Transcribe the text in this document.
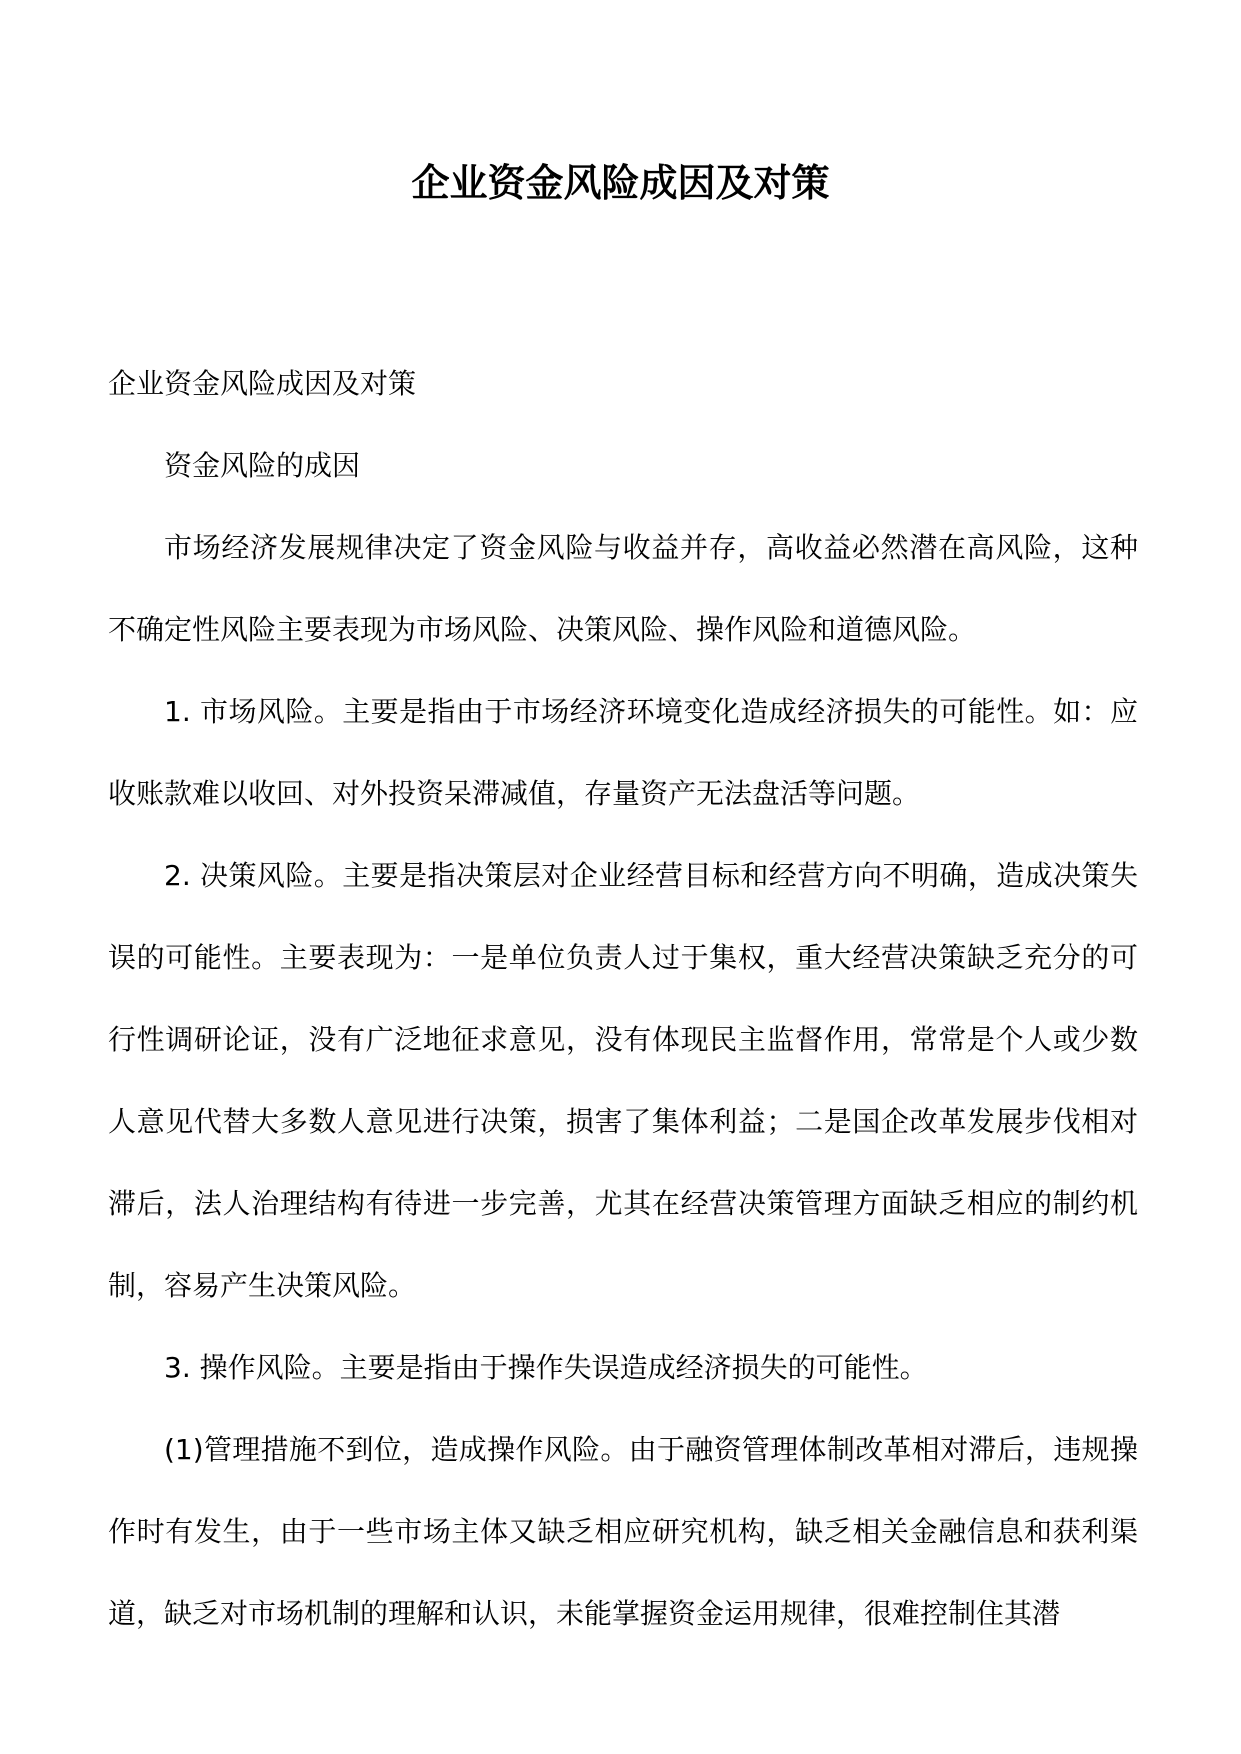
企业资金风险成因及对策

企业资金风险成因及对策

资金风险的成因

市场经济发展规律决定了资金风险与收益并存，高收益必然潜在高风险，这种不确定性风险主要表现为市场风险、决策风险、操作风险和道德风险。

1. 市场风险。主要是指由于市场经济环境变化造成经济损失的可能性。如：应收账款难以收回、对外投资呆滞减值，存量资产无法盘活等问题。

2. 决策风险。主要是指决策层对企业经营目标和经营方向不明确，造成决策失误的可能性。主要表现为：一是单位负责人过于集权，重大经营决策缺乏充分的可行性调研论证，没有广泛地征求意见，没有体现民主监督作用，常常是个人或少数人意见代替大多数人意见进行决策，损害了集体利益；二是国企改革发展步伐相对滞后，法人治理结构有待进一步完善，尤其在经营决策管理方面缺乏相应的制约机制，容易产生决策风险。

3. 操作风险。主要是指由于操作失误造成经济损失的可能性。

(1)管理措施不到位，造成操作风险。由于融资管理体制改革相对滞后，违规操作时有发生，由于一些市场主体又缺乏相应研究机构，缺乏相关金融信息和获利渠道，缺乏对市场机制的理解和认识，未能掌握资金运用规律，很难控制住其潜
